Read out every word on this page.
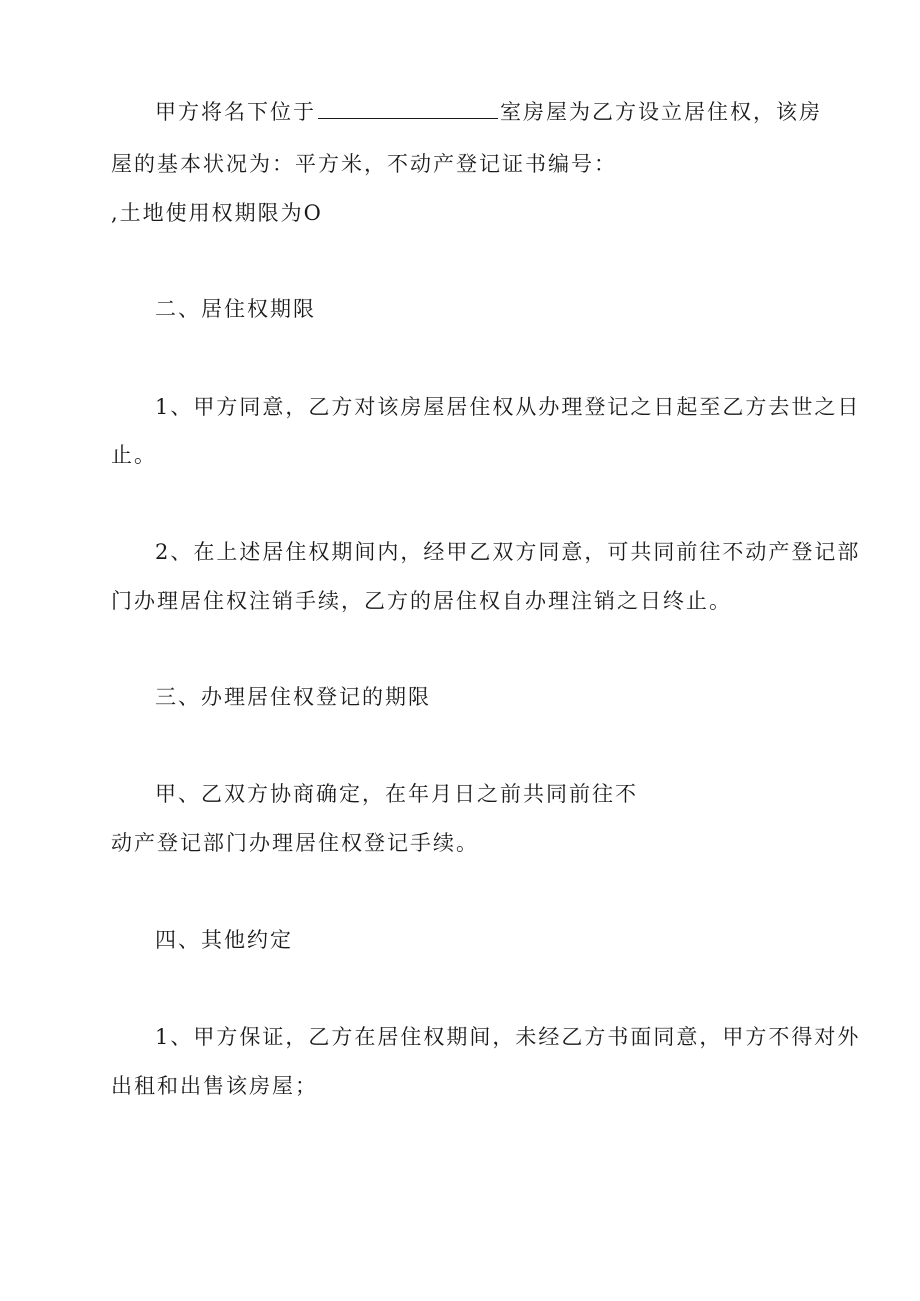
甲方将名下位于	室房屋为乙方设立居住权，该房
屋的基本状况为：平方米，不动产登记证书编号：
,土地使用权期限为O
二、居住权期限
1、甲方同意，乙方对该房屋居住权从办理登记之日起至乙方去世之日
止。
2、在上述居住权期间内，经甲乙双方同意，可共同前往不动产登记部
门办理居住权注销手续，乙方的居住权自办理注销之日终止。
三、办理居住权登记的期限
甲、乙双方协商确定，在年月日之前共同前往不
动产登记部门办理居住权登记手续。
四、其他约定
1、甲方保证，乙方在居住权期间，未经乙方书面同意，甲方不得对外
出租和出售该房屋；
